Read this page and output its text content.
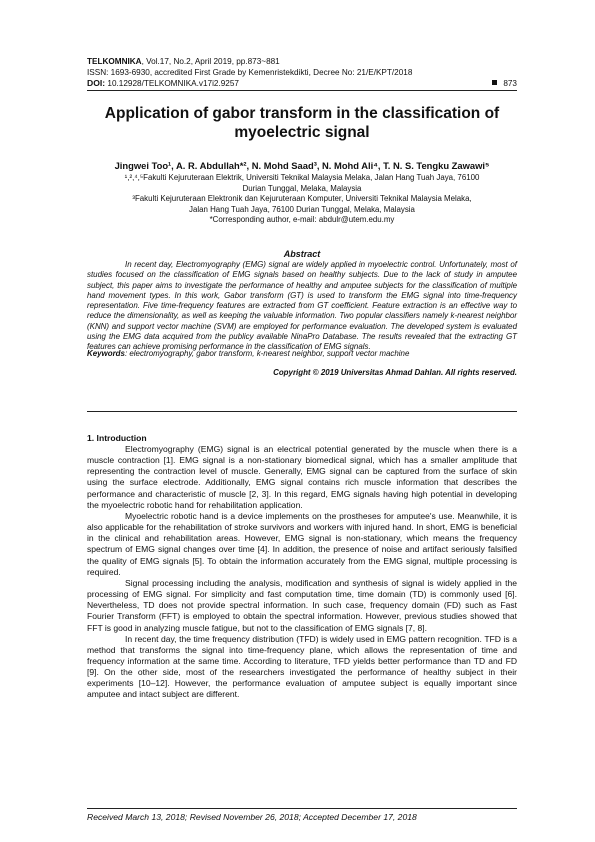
TELKOMNIKA, Vol.17, No.2, April 2019, pp.873~881
ISSN: 1693-6930, accredited First Grade by Kemenristekdikti, Decree No: 21/E/KPT/2018
DOI: 10.12928/TELKOMNIKA.v17i2.9257	873
Application of gabor transform in the classification of myoelectric signal
Jingwei Too¹, A. R. Abdullah*², N. Mohd Saad³, N. Mohd Ali⁴, T. N. S. Tengku Zawawi⁵
¹,²,⁴,⁵Fakulti Kejuruteraan Elektrik, Universiti Teknikal Malaysia Melaka, Jalan Hang Tuah Jaya, 76100
Durian Tunggal, Melaka, Malaysia
³Fakulti Kejuruteraan Elektronik dan Kejuruteraan Komputer, Universiti Teknikal Malaysia Melaka,
Jalan Hang Tuah Jaya, 76100 Durian Tunggal, Melaka, Malaysia
*Corresponding author, e-mail: abdulr@utem.edu.my
Abstract
In recent day, Electromyography (EMG) signal are widely applied in myoelectric control. Unfortunately, most of studies focused on the classification of EMG signals based on healthy subjects. Due to the lack of study in amputee subject, this paper aims to investigate the performance of healthy and amputee subjects for the classification of multiple hand movement types. In this work, Gabor transform (GT) is used to transform the EMG signal into time-frequency representation. Five time-frequency features are extracted from GT coefficient. Feature extraction is an effective way to reduce the dimensionality, as well as keeping the valuable information. Two popular classifiers namely k-nearest neighbor (KNN) and support vector machine (SVM) are employed for performance evaluation. The developed system is evaluated using the EMG data acquired from the publicy available NinaPro Database. The results revealed that the extracting GT features can achieve promising performance in the classification of EMG signals.
Keywords: electromyography, gabor transform, k-nearest neighbor, support vector machine
Copyright © 2019 Universitas Ahmad Dahlan. All rights reserved.
1. Introduction

Electromyography (EMG) signal is an electrical potential generated by the muscle when there is a muscle contraction [1]. EMG signal is a non-stationary biomedical signal, which has a smaller amplitude that representing the contraction level of muscle. Generally, EMG signal can be captured from the surface of skin using the surface electrode. Additionally, EMG signal contains rich muscle information that describes the performance and characteristic of muscle [2, 3]. In this regard, EMG signals having high potential in developing the myoelectric robotic hand for rehabilitation application.

Myoelectric robotic hand is a device implements on the prostheses for amputee's use. Meanwhile, it is also applicable for the rehabilitation of stroke survivors and workers with injured hand. In short, EMG is beneficial in the clinical and rehabilitation areas. However, EMG signal is non-stationary, which means the frequency spectrum of EMG signal changes over time [4]. In addition, the presence of noise and artifact seriously falsified the quality of EMG signals [5]. To obtain the information accurately from the EMG signal, multiple processing is required.

Signal processing including the analysis, modification and synthesis of signal is widely applied in the processing of EMG signal. For simplicity and fast computation time, time domain (TD) is commonly used [6]. Nevertheless, TD does not provide spectral information. In such case, frequency domain (FD) such as Fast Fourier Transform (FFT) is employed to obtain the spectral information. However, previous studies showed that FFT is good in analyzing muscle fatigue, but not to the classification of EMG signals [7, 8].

In recent day, the time frequency distribution (TFD) is widely used in EMG pattern recognition. TFD is a method that transforms the signal into time-frequency plane, which allows the representation of time and frequency information at the same time. According to literature, TFD yields better performance than TD and FD [9]. On the other side, most of the researchers investigated the performance of healthy subject in their experiments [10–12]. However, the performance evaluation of amputee subject is equally important since amputee and intact subject are different.

Received March 13, 2018; Revised November 26, 2018; Accepted December 17, 2018
